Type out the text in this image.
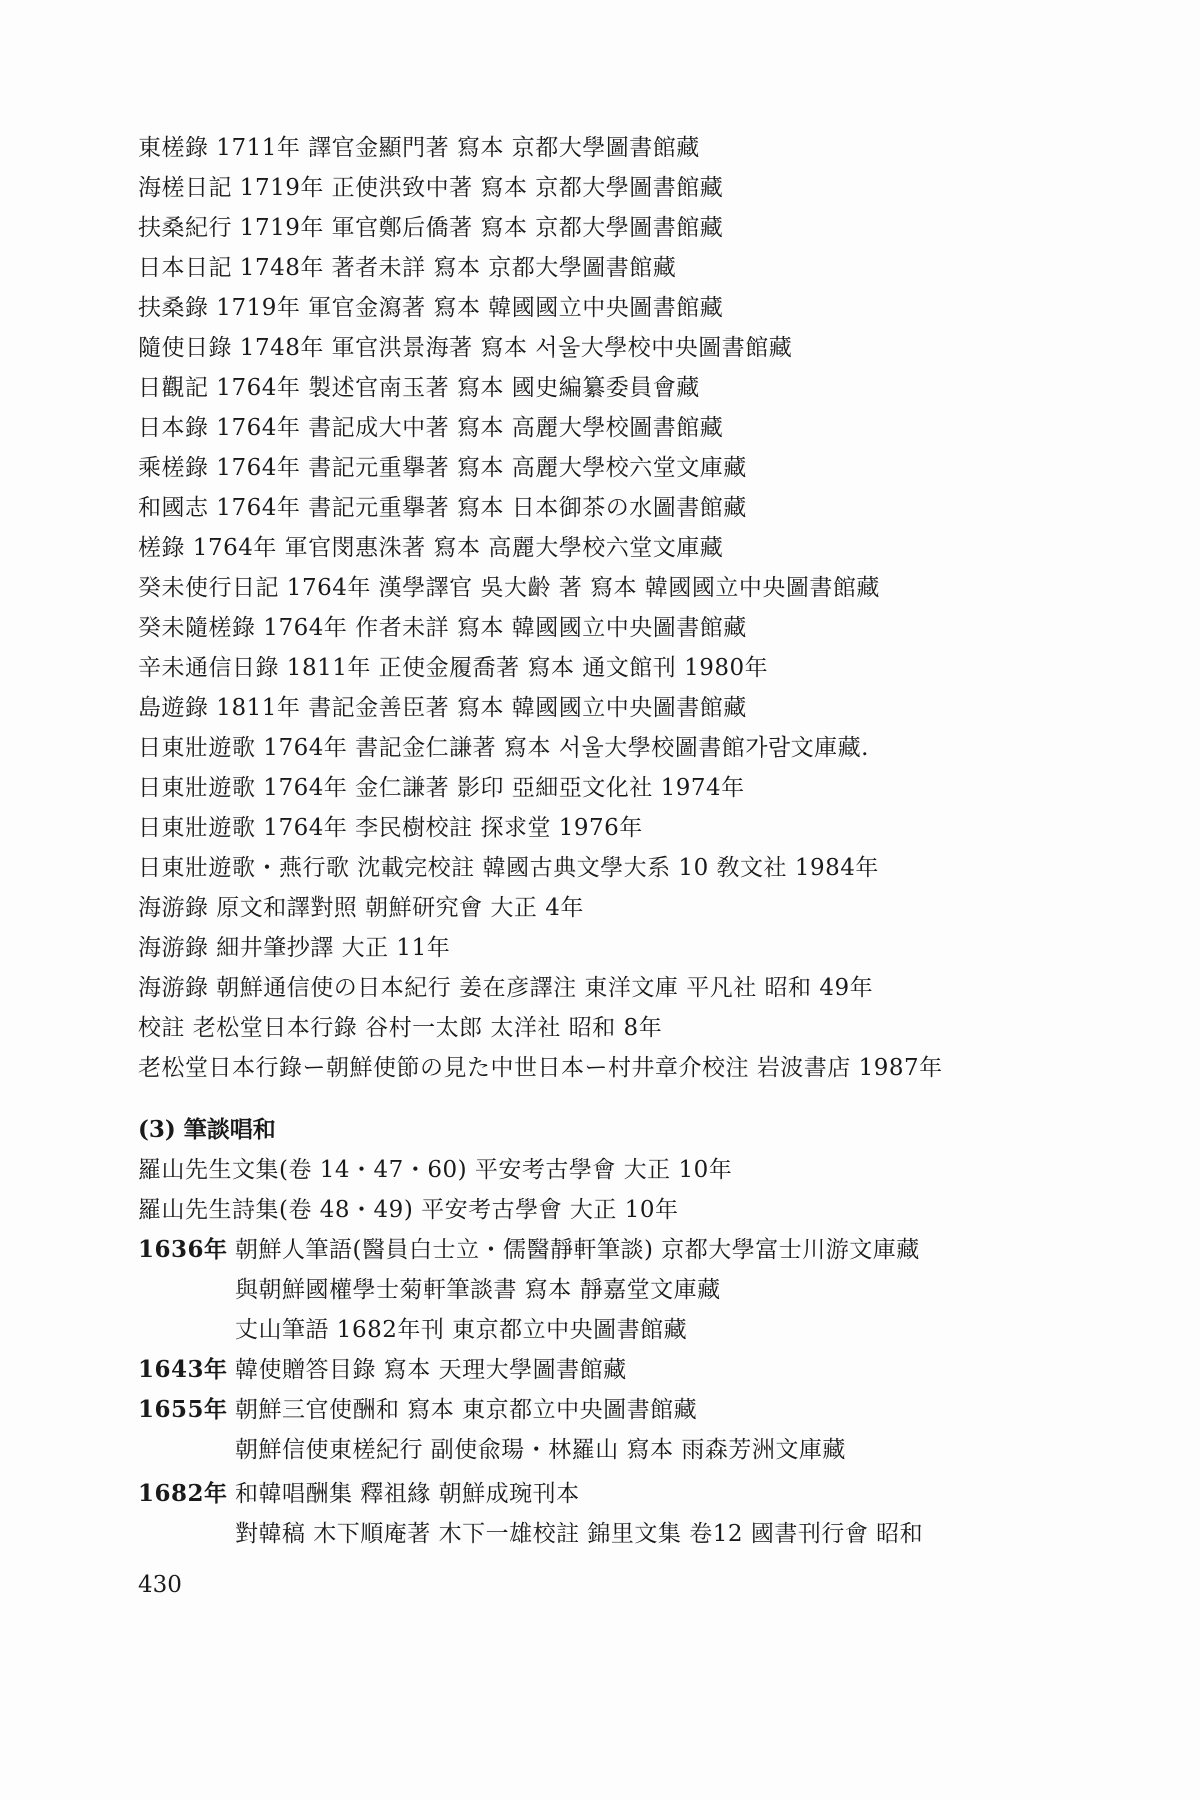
東槎錄 1711年 譯官金顯門著 寫本 京都大學圖書館藏
海槎日記 1719年 正使洪致中著 寫本 京都大學圖書館藏
扶桑紀行 1719年 軍官鄭后僑著 寫本 京都大學圖書館藏
日本日記 1748年 著者未詳 寫本 京都大學圖書館藏
扶桑錄 1719年 軍官金瀉著 寫本 韓國國立中央圖書館藏
隨使日錄 1748年 軍官洪景海著 寫本 서울大學校中央圖書館藏
日觀記 1764年 製述官南玉著 寫本 國史編纂委員會藏
日本錄 1764年 書記成大中著 寫本 高麗大學校圖書館藏
乘槎錄 1764年 書記元重擧著 寫本 高麗大學校六堂文庫藏
和國志 1764年 書記元重擧著 寫本 日本御茶の水圖書館藏
槎錄 1764年 軍官閔惠洙著 寫本 高麗大學校六堂文庫藏
癸未使行日記 1764年 漢學譯官 吳大齡 著 寫本 韓國國立中央圖書館藏
癸未隨槎錄 1764年 作者未詳 寫本 韓國國立中央圖書館藏
辛未通信日錄 1811年 正使金履喬著 寫本 通文館刊 1980年
島遊錄 1811年 書記金善臣著 寫本 韓國國立中央圖書館藏
日東壯遊歌 1764年 書記金仁謙著 寫本 서울大學校圖書館가람文庫藏.
日東壯遊歌 1764年 金仁謙著 影印 亞細亞文化社 1974年
日東壯遊歌 1764年 李民樹校註 探求堂 1976年
日東壯遊歌・燕行歌 沈載完校註 韓國古典文學大系 10 敎文社 1984年
海游錄 原文和譯對照 朝鮮研究會 大正 4年
海游錄 細井肇抄譯 大正 11年
海游錄 朝鮮通信使の日本紀行 姜在彦譯注 東洋文庫 平凡社 昭和 49年
校註 老松堂日本行錄 谷村一太郎 太洋社 昭和 8年
老松堂日本行錄ー朝鮮使節の見た中世日本ー村井章介校注 岩波書店 1987年
(3) 筆談唱和
羅山先生文集(卷 14・47・60) 平安考古學會 大正 10年
羅山先生詩集(卷 48・49) 平安考古學會 大正 10年
1636年 朝鮮人筆語(醫員白士立・儒醫靜軒筆談) 京都大學富士川游文庫藏
與朝鮮國權學士菊軒筆談書 寫本 靜嘉堂文庫藏
丈山筆語 1682年刊 東京都立中央圖書館藏
1643年 韓使贈答目錄 寫本 天理大學圖書館藏
1655年 朝鮮三官使酬和 寫本 東京都立中央圖書館藏
朝鮮信使東槎紀行 副使兪瑒・林羅山 寫本 雨森芳洲文庫藏
1682年 和韓唱酬集 釋祖緣 朝鮮成琬刊本
對韓稿 木下順庵著 木下一雄校註 錦里文集 卷12 國書刊行會 昭和
430
